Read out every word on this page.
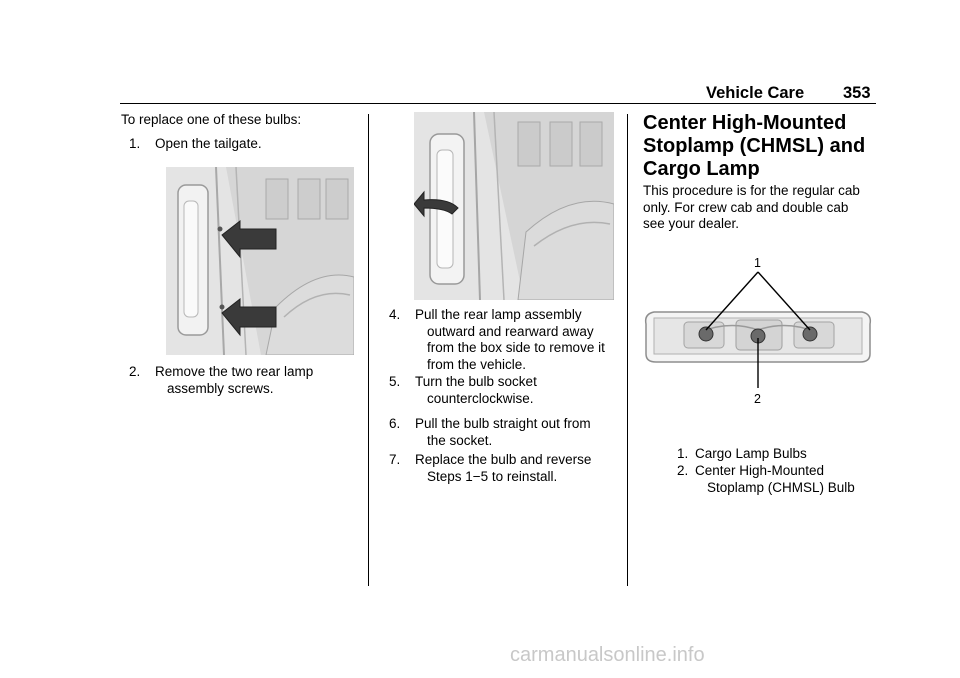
Vehicle Care 353
To replace one of these bulbs:
1. Open the tailgate.
2. Remove the two rear lamp
assembly screws.
4. Pull the rear lamp assembly
outward and rearward away
from the box side to remove it
from the vehicle.
5. Turn the bulb socket
counterclockwise.
6. Pull the bulb straight out from
the socket.
7. Replace the bulb and reverse
Steps 1−5 to reinstall.
Center High-Mounted
Stoplamp (CHMSL) and
Cargo Lamp
This procedure is for the regular cab
only. For crew cab and double cab
see your dealer.
1
2
1. Cargo Lamp Bulbs
2. Center High-Mounted
Stoplamp (CHMSL) Bulb
carmanualsonline.info
